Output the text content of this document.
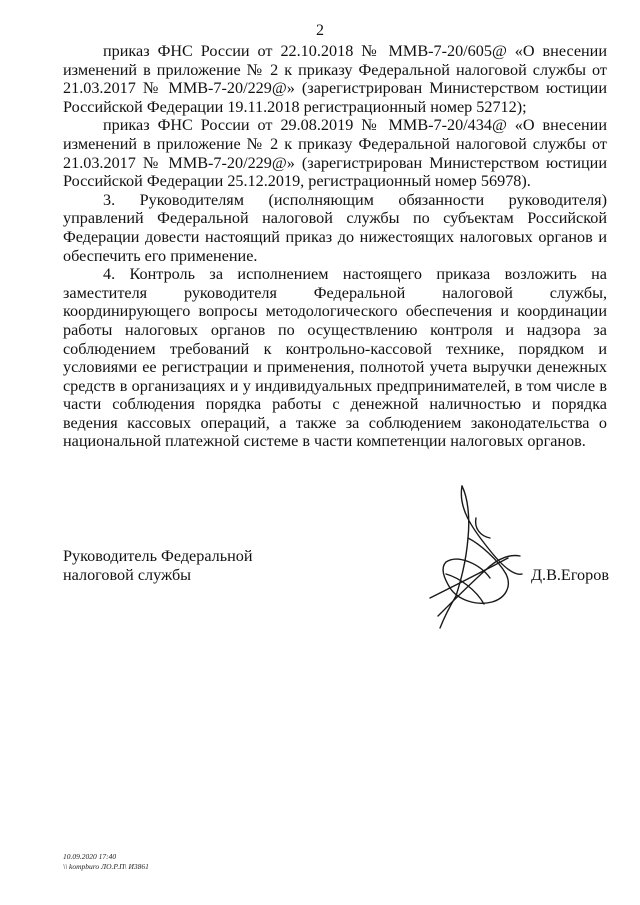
2

приказ ФНС России от 22.10.2018 № ММВ-7-20/605@ «О внесении изменений в приложение № 2 к приказу Федеральной налоговой службы от 21.03.2017 № ММВ-7-20/229@» (зарегистрирован Министерством юстиции Российской Федерации 19.11.2018 регистрационный номер 52712);

приказ ФНС России от 29.08.2019 № ММВ-7-20/434@ «О внесении изменений в приложение № 2 к приказу Федеральной налоговой службы от 21.03.2017 № ММВ-7-20/229@» (зарегистрирован Министерством юстиции Российской Федерации 25.12.2019, регистрационный номер 56978).

3. Руководителям (исполняющим обязанности руководителя) управлений Федеральной налоговой службы по субъектам Российской Федерации довести настоящий приказ до нижестоящих налоговых органов и обеспечить его применение.

4. Контроль за исполнением настоящего приказа возложить на заместителя руководителя Федеральной налоговой службы, координирующего вопросы методологического обеспечения и координации работы налоговых органов по осуществлению контроля и надзора за соблюдением требований к контрольно-кассовой технике, порядком и условиями ее регистрации и применения, полнотой учета выручки денежных средств в организациях и у индивидуальных предпринимателей, в том числе в части соблюдения порядка работы с денежной наличностью и порядка ведения кассовых операций, а также за соблюдением законодательства о национальной платежной системе в части компетенции налоговых органов.

Руководитель Федеральной
налоговой службы	Д.В.Егоров
10.09.2020 17:40
\\ kompburo ЛО.Р.П\ И3861
